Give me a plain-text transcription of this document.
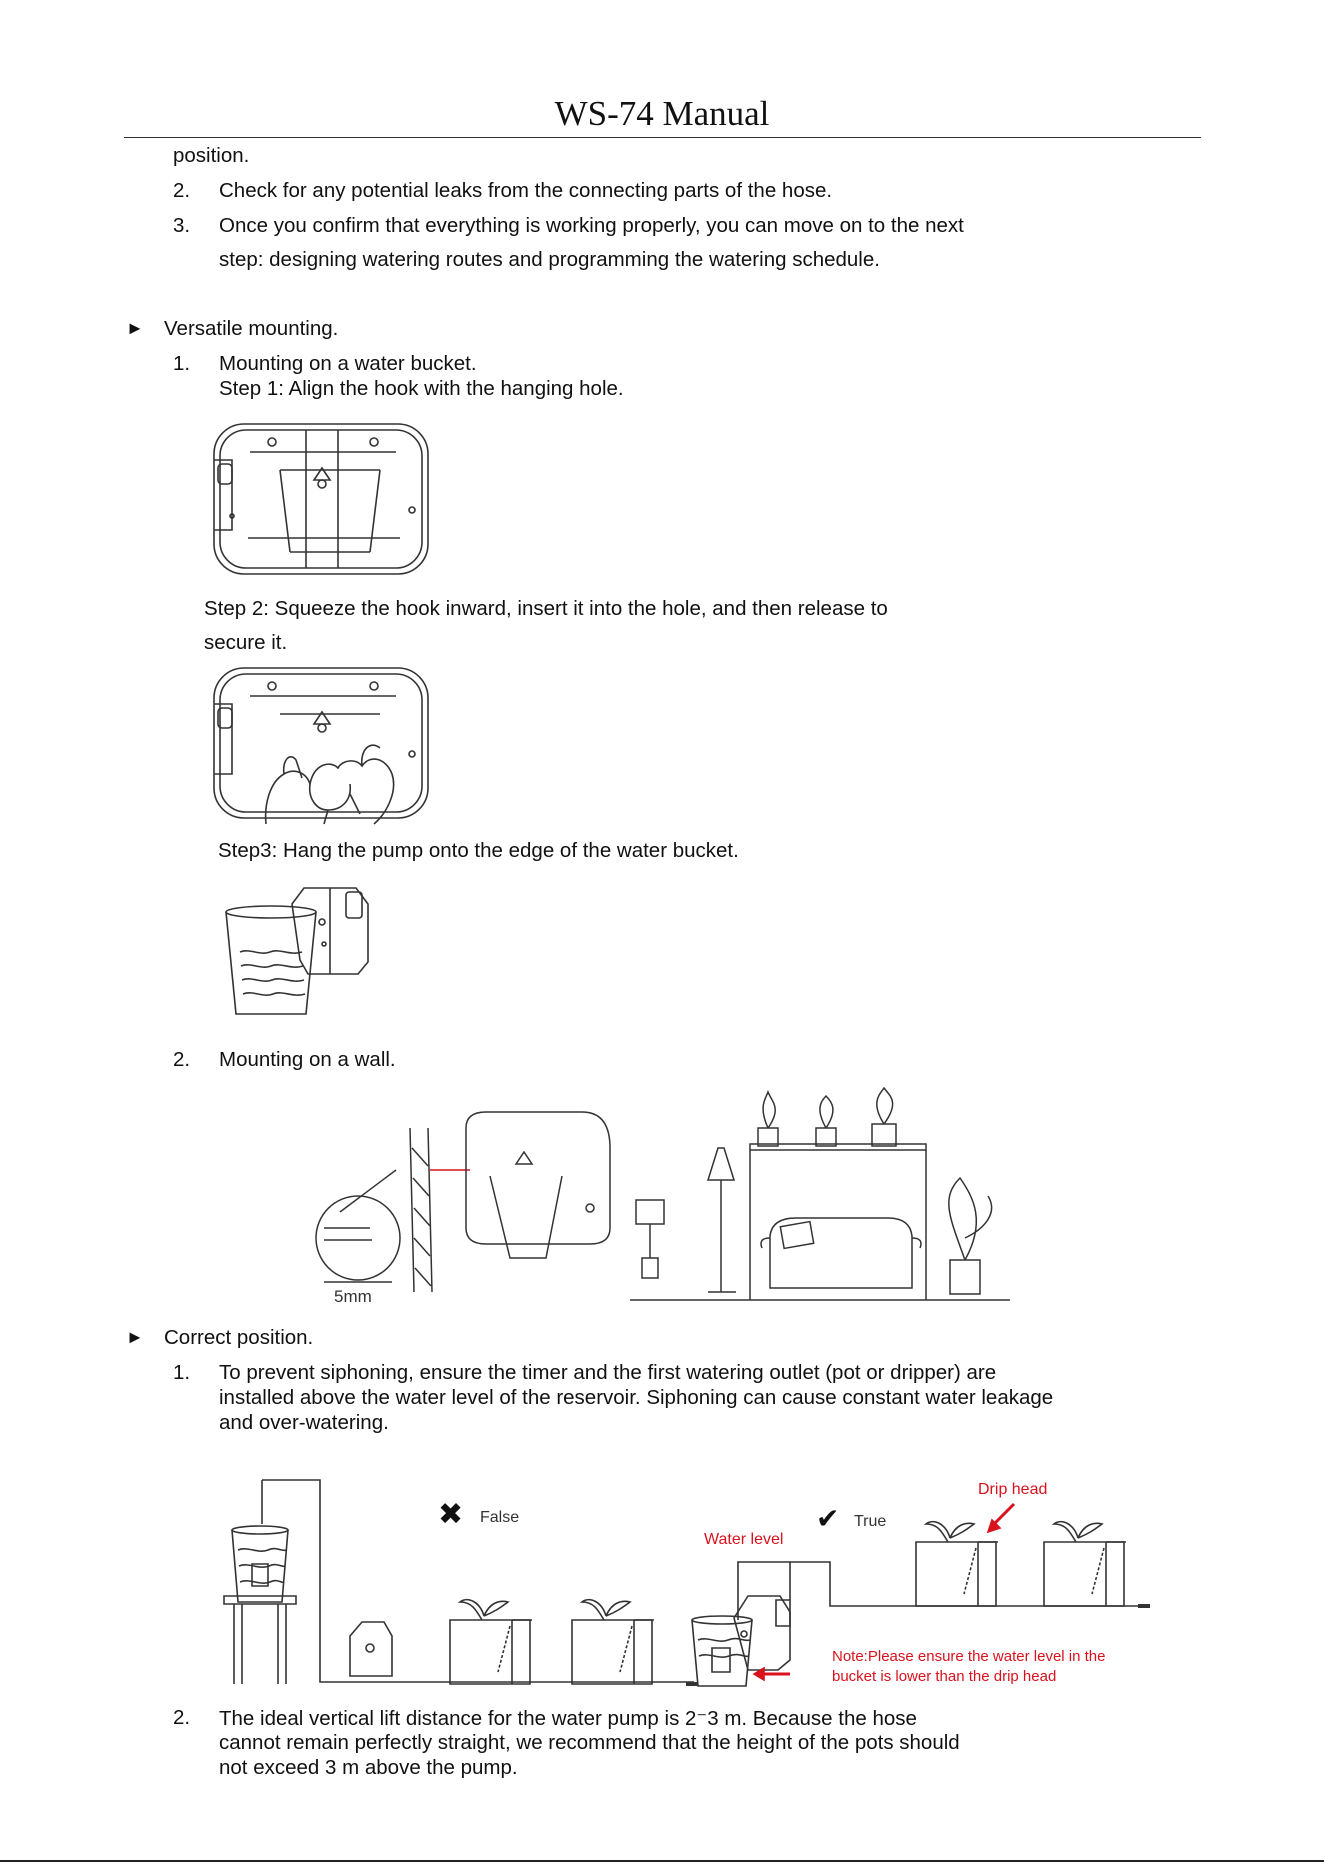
WS-74 Manual
position.
2. Check for any potential leaks from the connecting parts of the hose.
3. Once you confirm that everything is working properly, you can move on to the next
step: designing watering routes and programming the watering schedule.
► Versatile mounting.
1. Mounting on a water bucket.
Step 1: Align the hook with the hanging hole.
Step 2: Squeeze the hook inward, insert it into the hole, and then release to
secure it.
Step3: Hang the pump onto the edge of the water bucket.
2. Mounting on a wall.
5mm
► Correct position.
1. To prevent siphoning, ensure the timer and the first watering outlet (pot or dripper) are
installed above the water level of the reservoir. Siphoning can cause constant water leakage
and over-watering.
✖ False	✔ True
Water level
Drip head
Note:Please ensure the water level in the
bucket is lower than the drip head
2. The ideal vertical lift distance for the water pump is 2⁻3 m. Because the hose
cannot remain perfectly straight, we recommend that the height of the pots should
not exceed 3 m above the pump.
